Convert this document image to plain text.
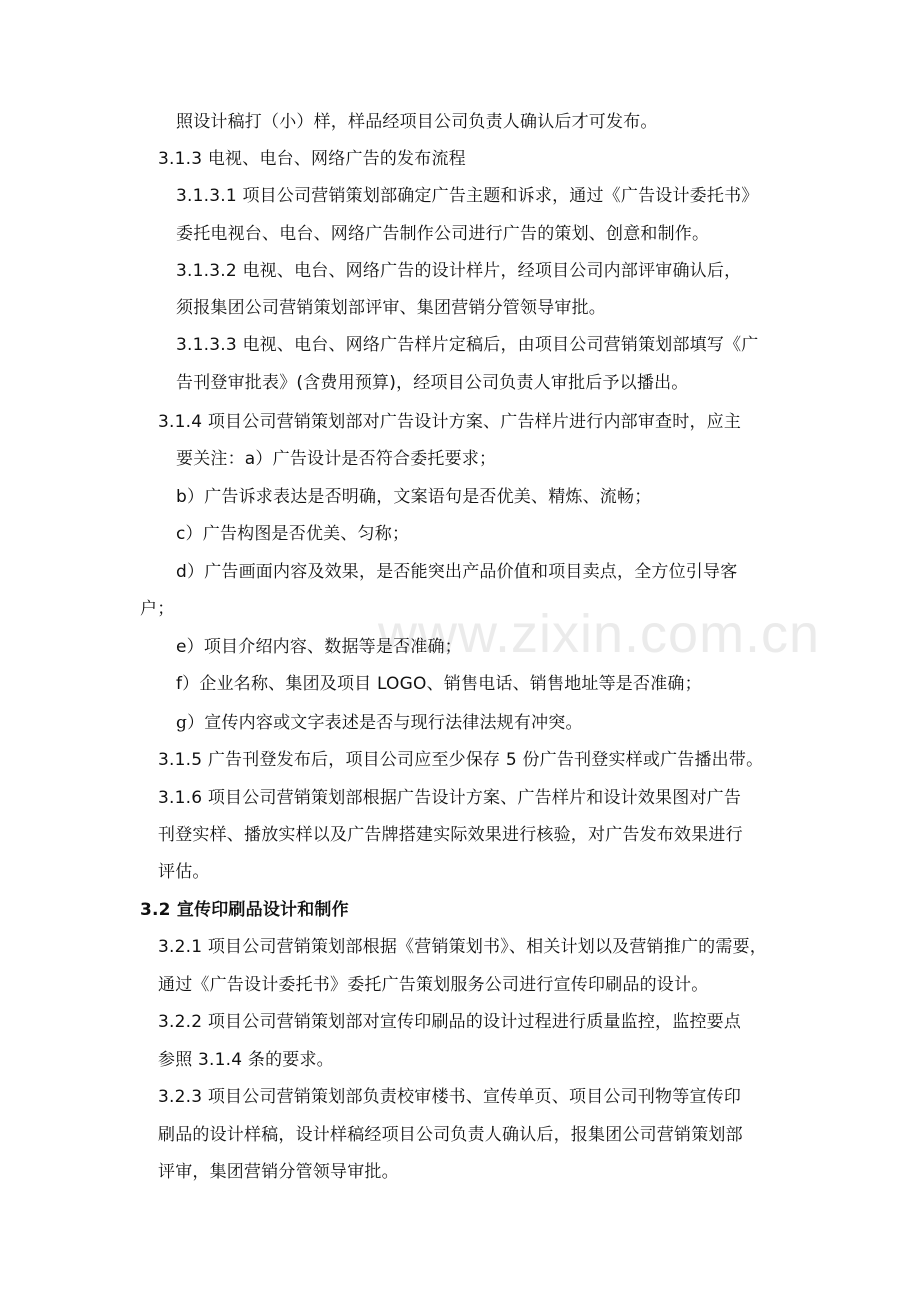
www.zixin.com.cn
照设计稿打（小）样，样品经项目公司负责人确认后才可发布。
3.1.3 电视、电台、网络广告的发布流程
3.1.3.1 项目公司营销策划部确定广告主题和诉求，通过《广告设计委托书》
委托电视台、电台、网络广告制作公司进行广告的策划、创意和制作。
3.1.3.2 电视、电台、网络广告的设计样片，经项目公司内部评审确认后，
须报集团公司营销策划部评审、集团营销分管领导审批。
3.1.3.3 电视、电台、网络广告样片定稿后，由项目公司营销策划部填写《广
告刊登审批表》(含费用预算)，经项目公司负责人审批后予以播出。
3.1.4 项目公司营销策划部对广告设计方案、广告样片进行内部审查时，应主
要关注：a）广告设计是否符合委托要求；
b）广告诉求表达是否明确，文案语句是否优美、精炼、流畅；
c）广告构图是否优美、匀称；
d）广告画面内容及效果，是否能突出产品价值和项目卖点，全方位引导客
户；
e）项目介绍内容、数据等是否准确；
f）企业名称、集团及项目 LOGO、销售电话、销售地址等是否准确；
g）宣传内容或文字表述是否与现行法律法规有冲突。
3.1.5 广告刊登发布后，项目公司应至少保存 5 份广告刊登实样或广告播出带。
3.1.6 项目公司营销策划部根据广告设计方案、广告样片和设计效果图对广告
刊登实样、播放实样以及广告牌搭建实际效果进行核验，对广告发布效果进行
评估。
3.2 宣传印刷品设计和制作
3.2.1 项目公司营销策划部根据《营销策划书》、相关计划以及营销推广的需要，
通过《广告设计委托书》委托广告策划服务公司进行宣传印刷品的设计。
3.2.2 项目公司营销策划部对宣传印刷品的设计过程进行质量监控，监控要点
参照 3.1.4 条的要求。
3.2.3 项目公司营销策划部负责校审楼书、宣传单页、项目公司刊物等宣传印
刷品的设计样稿，设计样稿经项目公司负责人确认后，报集团公司营销策划部
评审，集团营销分管领导审批。
